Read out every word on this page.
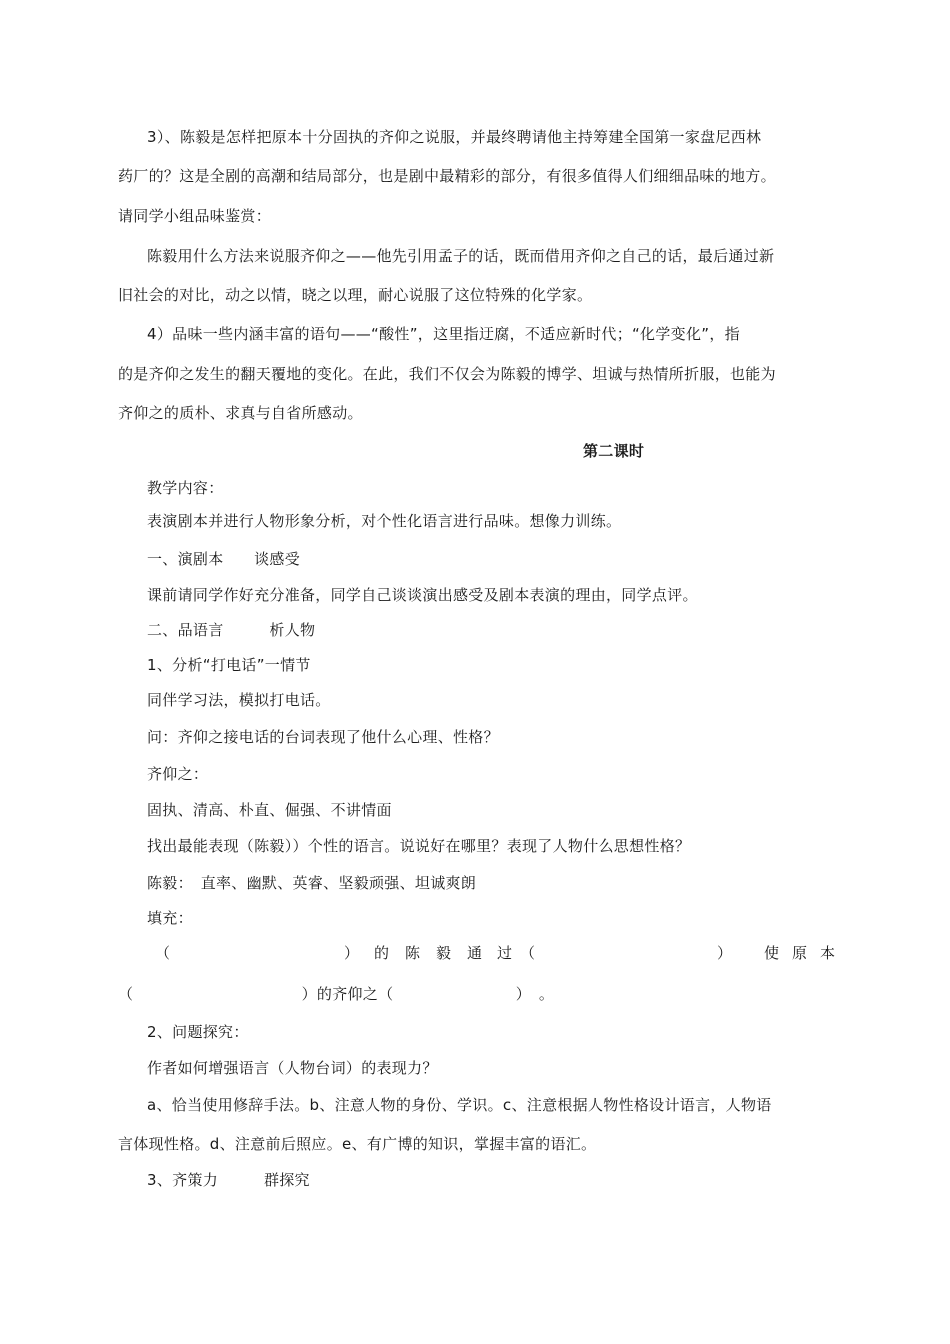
3）、陈毅是怎样把原本十分固执的齐仰之说服，并最终聘请他主持筹建全国第一家盘尼西林
药厂的？这是全剧的高潮和结局部分，也是剧中最精彩的部分，有很多值得人们细细品味的地方。
请同学小组品味鉴赏：
陈毅用什么方法来说服齐仰之——他先引用孟子的话，既而借用齐仰之自己的话，最后通过新
旧社会的对比，动之以情，晓之以理，耐心说服了这位特殊的化学家。
4）品味一些内涵丰富的语句——“酸性”，这里指迂腐，不适应新时代；“化学变化”，指
的是齐仰之发生的翻天覆地的变化。在此，我们不仅会为陈毅的博学、坦诚与热情所折服，也能为
齐仰之的质朴、求真与自省所感动。
第二课时
教学内容：
表演剧本并进行人物形象分析，对个性化语言进行品味。想像力训练。
一、演剧本　　谈感受
课前请同学作好充分准备，同学自己谈谈演出感受及剧本表演的理由，同学点评。
二、品语言　　　析人物
1、分析“打电话”一情节
同伴学习法，模拟打电话。
问：齐仰之接电话的台词表现了他什么心理、性格？
齐仰之：
固执、清高、朴直、倔强、不讲情面
找出最能表现（陈毅））个性的语言。说说好在哪里？表现了人物什么思想性格？
陈毅：　直率、幽默、英睿、坚毅顽强、坦诚爽朗
填充：
（	） 的 陈 毅 通 过 （	） 使 原 本
（　　　　　　　　　　　）的齐仰之（　　　　　　　　）　。
2、问题探究：
作者如何增强语言（人物台词）的表现力？
a、恰当使用修辞手法。b、注意人物的身份、学识。c、注意根据人物性格设计语言，人物语
言体现性格。d、注意前后照应。e、有广博的知识，掌握丰富的语汇。
3、齐策力　　　群探究
